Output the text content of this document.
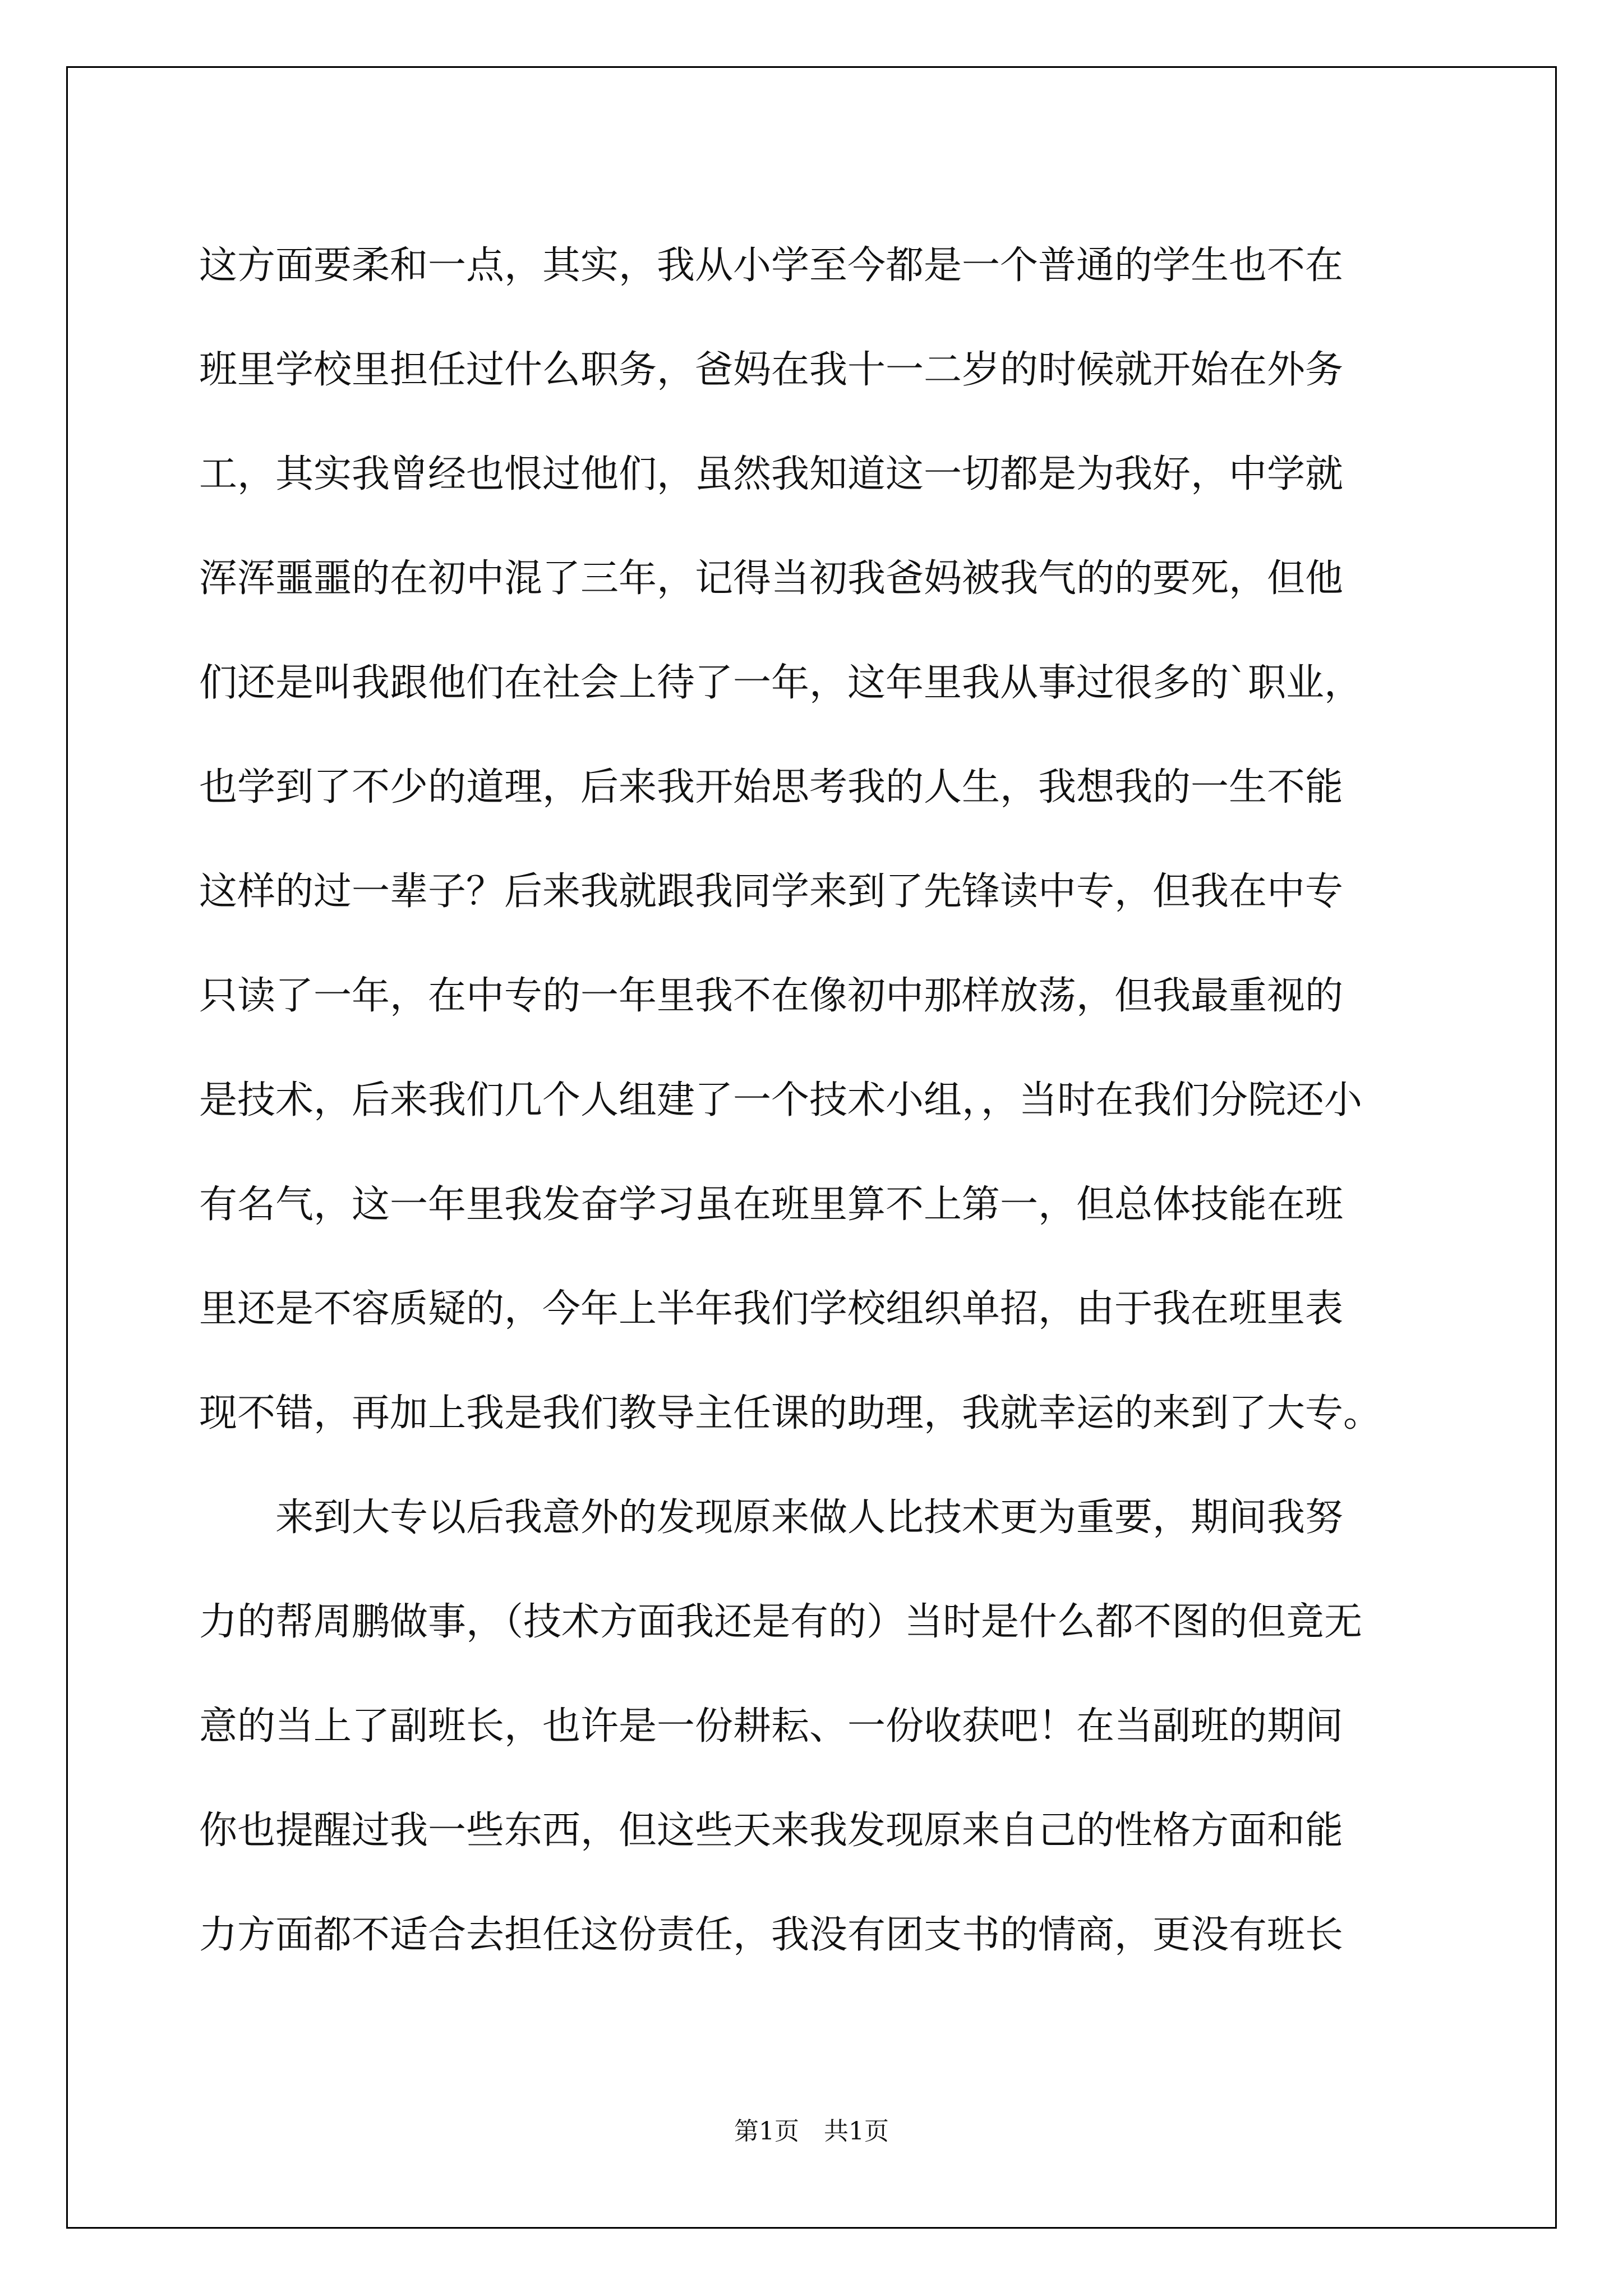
这方面要柔和一点，其实，我从小学至今都是一个普通的学生也不在
班里学校里担任过什么职务，爸妈在我十一二岁的时候就开始在外务
工，其实我曾经也恨过他们，虽然我知道这一切都是为我好，中学就
浑浑噩噩的在初中混了三年，记得当初我爸妈被我气的的要死，但他
们还是叫我跟他们在社会上待了一年，这年里我从事过很多的`职业，
也学到了不少的道理，后来我开始思考我的人生，我想我的一生不能
这样的过一辈子？后来我就跟我同学来到了先锋读中专，但我在中专
只读了一年，在中专的一年里我不在像初中那样放荡，但我最重视的
是技术，后来我们几个人组建了一个技术小组，，当时在我们分院还小
有名气，这一年里我发奋学习虽在班里算不上第一，但总体技能在班
里还是不容质疑的，今年上半年我们学校组织单招，由于我在班里表
现不错，再加上我是我们教导主任课的助理，我就幸运的来到了大专。
来到大专以后我意外的发现原来做人比技术更为重要，期间我努
力的帮周鹏做事，（技术方面我还是有的）当时是什么都不图的但竟无
意的当上了副班长，也许是一份耕耘、一份收获吧！在当副班的期间
你也提醒过我一些东西，但这些天来我发现原来自己的性格方面和能
力方面都不适合去担任这份责任，我没有团支书的情商，更没有班长
第1页 共1页
